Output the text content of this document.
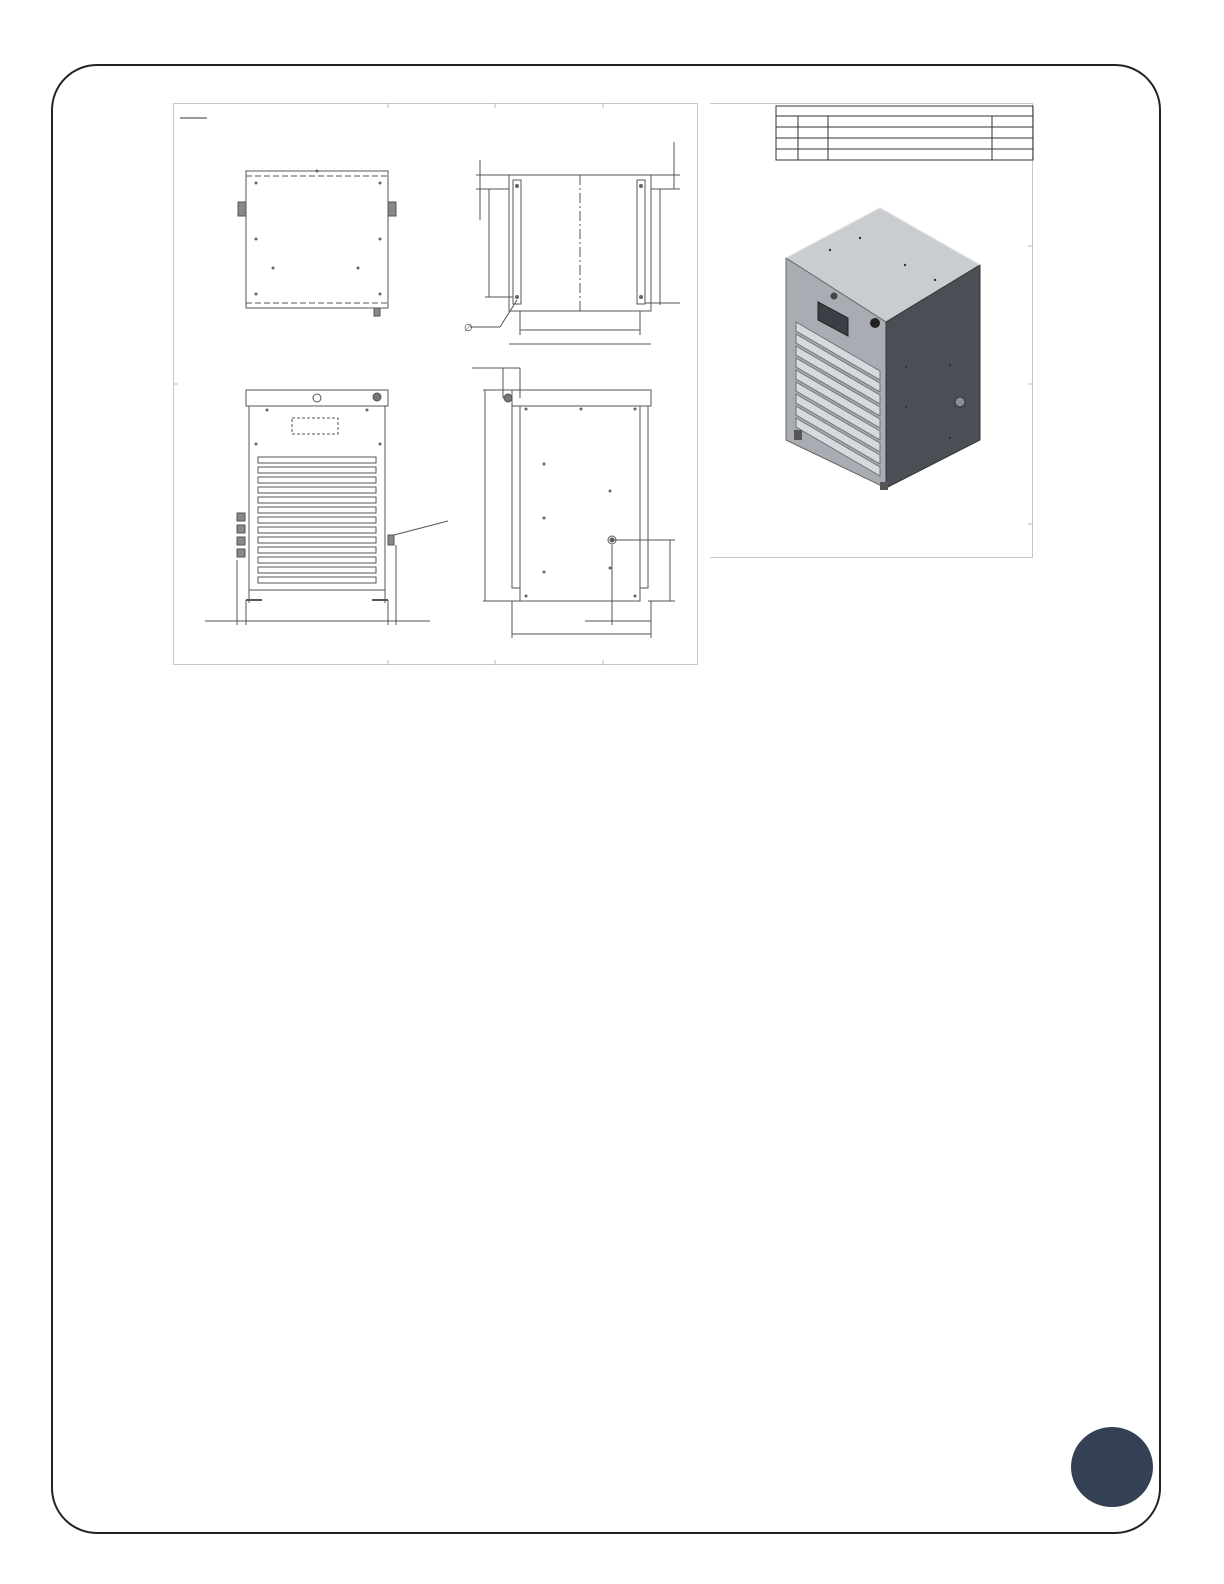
∅
